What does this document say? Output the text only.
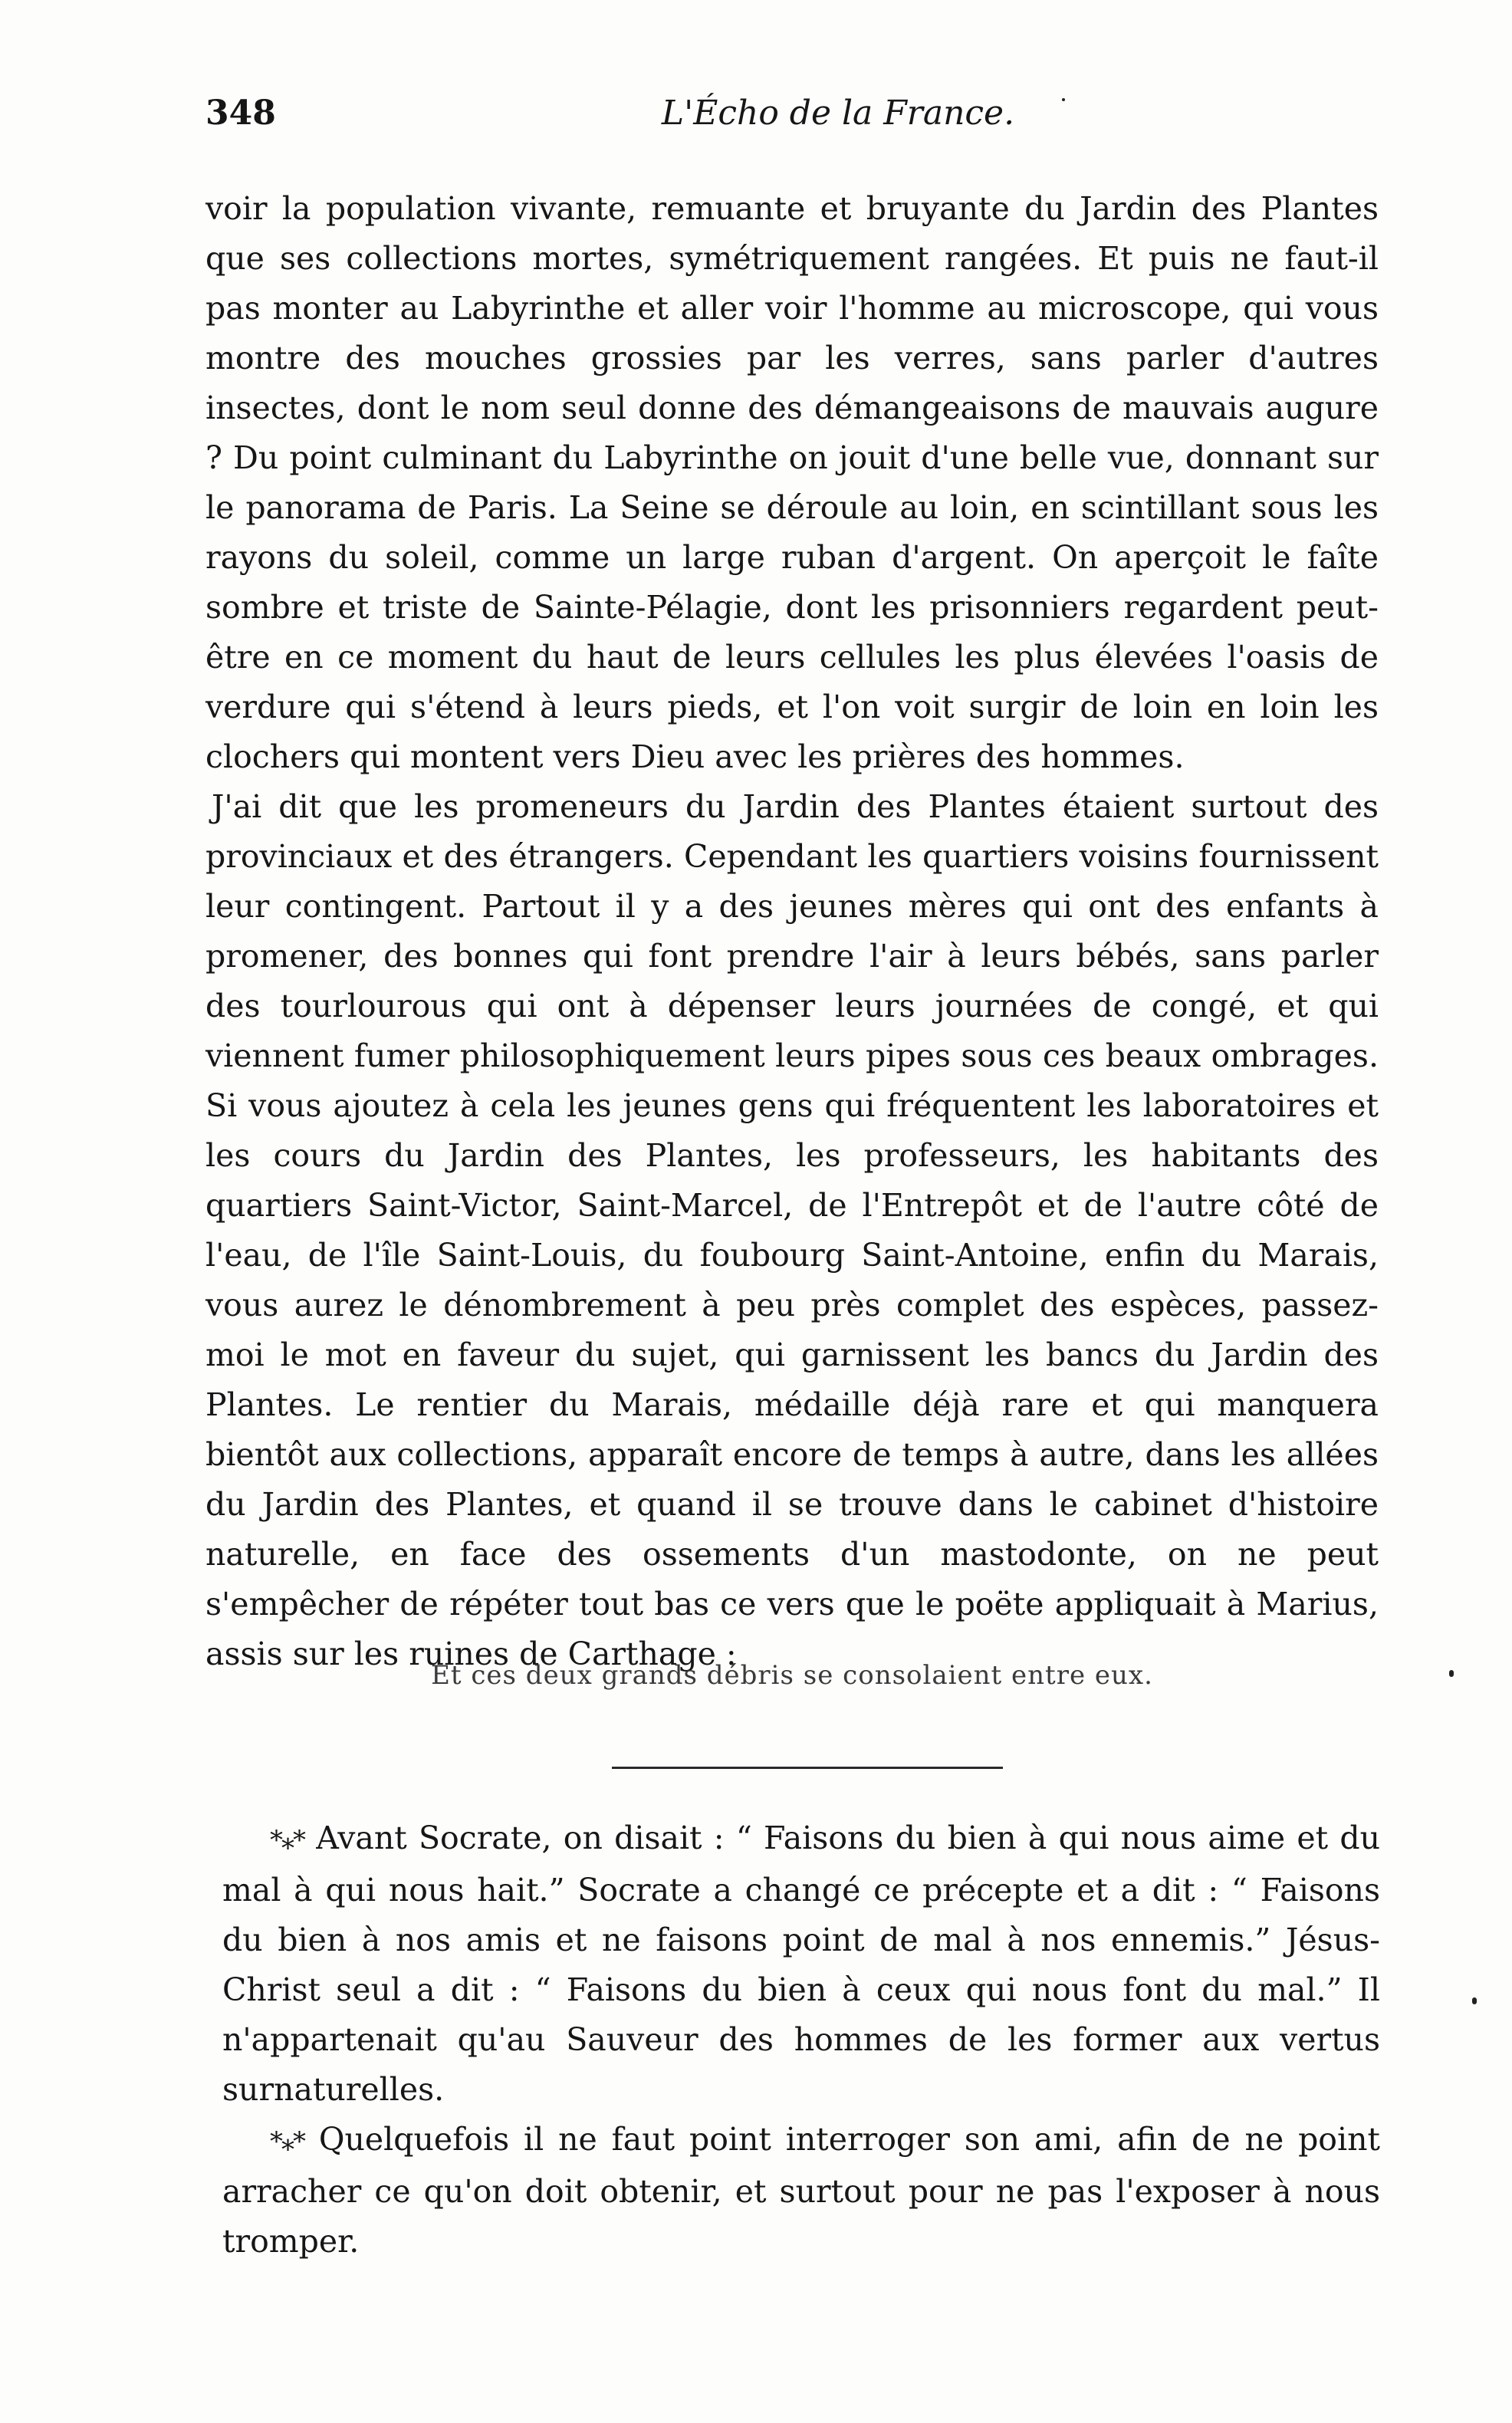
348	L'Écho de la France.

voir la population vivante, remuante et bruyante du Jardin des Plantes que ses collections mortes, symétriquement rangées. Et puis ne faut-il pas monter au Labyrinthe et aller voir l'homme au microscope, qui vous montre des mouches grossies par les verres, sans parler d'autres insectes, dont le nom seul donne des démangeaisons de mauvais augure ? Du point culminant du Labyrinthe on jouit d'une belle vue, donnant sur le panorama de Paris. La Seine se déroule au loin, en scintillant sous les rayons du soleil, comme un large ruban d'argent. On aperçoit le faîte sombre et triste de Sainte-Pélagie, dont les prisonniers regardent peut-être en ce moment du haut de leurs cellules les plus élevées l'oasis de verdure qui s'étend à leurs pieds, et l'on voit surgir de loin en loin les clochers qui montent vers Dieu avec les prières des hommes.

J'ai dit que les promeneurs du Jardin des Plantes étaient surtout des provinciaux et des étrangers. Cependant les quartiers voisins fournissent leur contingent. Partout il y a des jeunes mères qui ont des enfants à promener, des bonnes qui font prendre l'air à leurs bébés, sans parler des tourlourous qui ont à dépenser leurs journées de congé, et qui viennent fumer philosophiquement leurs pipes sous ces beaux ombrages. Si vous ajoutez à cela les jeunes gens qui fréquentent les laboratoires et les cours du Jardin des Plantes, les professeurs, les habitants des quartiers Saint-Victor, Saint-Marcel, de l'Entrepôt et de l'autre côté de l'eau, de l'île Saint-Louis, du foubourg Saint-Antoine, enfin du Marais, vous aurez le dénombrement à peu près complet des espèces, passez-moi le mot en faveur du sujet, qui garnissent les bancs du Jardin des Plantes. Le rentier du Marais, médaille déjà rare et qui manquera bientôt aux collections, apparaît encore de temps à autre, dans les allées du Jardin des Plantes, et quand il se trouve dans le cabinet d'histoire naturelle, en face des ossements d'un mastodonte, on ne peut s'empêcher de répéter tout bas ce vers que le poëte appliquait à Marius, assis sur les ruines de Carthage :

Et ces deux grands débris se consolaient entre eux.

*⁎* Avant Socrate, on disait : “ Faisons du bien à qui nous aime et du mal à qui nous hait.” Socrate a changé ce précepte et a dit : “ Faisons du bien à nos amis et ne faisons point de mal à nos ennemis.” Jésus-Christ seul a dit : “ Faisons du bien à ceux qui nous font du mal.” Il n'appartenait qu'au Sauveur des hommes de les former aux vertus surnaturelles.

*⁎* Quelquefois il ne faut point interroger son ami, afin de ne point arracher ce qu'on doit obtenir, et surtout pour ne pas l'exposer à nous tromper.
